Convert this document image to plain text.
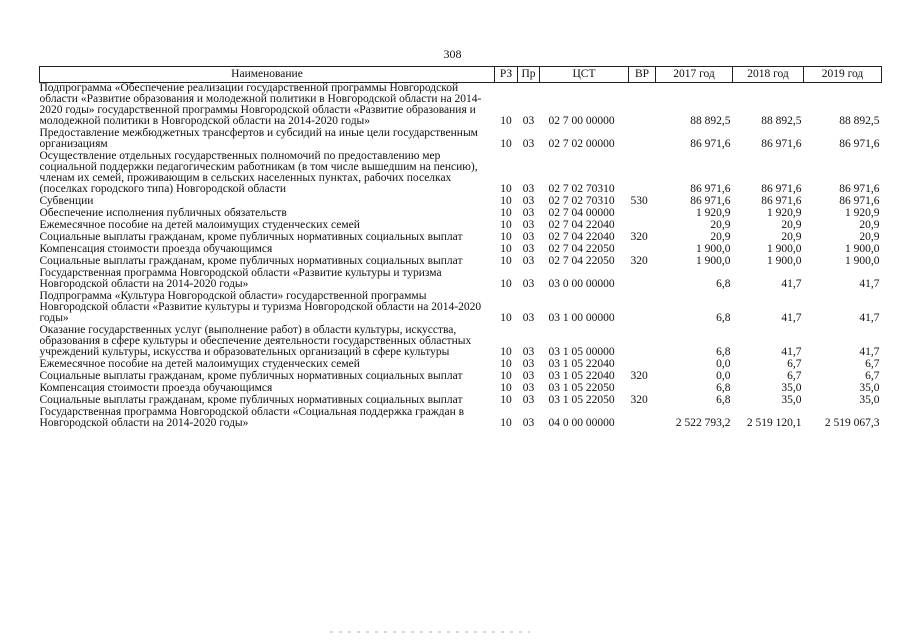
308
Наименование	РЗ	Пр	ЦСТ	ВР	2017 год	2018 год	2019 год
Подпрограмма «Обеспечение реализации государственной программы Новгородской области «Развитие образования и молодежной политики в Новгородской области на 2014-2020 годы» государственной программы Новгородской области «Развитие образования и молодежной политики в Новгородской области на 2014-2020 годы»	10	03	02 7 00 00000		88 892,5	88 892,5	88 892,5
Предоставление межбюджетных трансфертов и субсидий на иные цели государственным организациям	10	03	02 7 02 00000		86 971,6	86 971,6	86 971,6
Осуществление отдельных государственных полномочий по предоставлению мер социальной поддержки педагогическим работникам (в том числе вышедшим на пенсию), членам их семей, проживающим в сельских населенных пунктах, рабочих поселках (поселках городского типа) Новгородской области	10	03	02 7 02 70310		86 971,6	86 971,6	86 971,6
Субвенции	10	03	02 7 02 70310	530	86 971,6	86 971,6	86 971,6
Обеспечение исполнения публичных обязательств	10	03	02 7 04 00000		1 920,9	1 920,9	1 920,9
Ежемесячное пособие на детей малоимущих студенческих семей	10	03	02 7 04 22040		20,9	20,9	20,9
Социальные выплаты гражданам, кроме публичных нормативных социальных выплат	10	03	02 7 04 22040	320	20,9	20,9	20,9
Компенсация стоимости проезда обучающимся	10	03	02 7 04 22050		1 900,0	1 900,0	1 900,0
Социальные выплаты гражданам, кроме публичных нормативных социальных выплат	10	03	02 7 04 22050	320	1 900,0	1 900,0	1 900,0
Государственная программа Новгородской области «Развитие культуры и туризма Новгородской области на 2014-2020 годы»	10	03	03 0 00 00000		6,8	41,7	41,7
Подпрограмма «Культура Новгородской области» государственной программы Новгородской области «Развитие культуры и туризма Новгородской области на 2014-2020 годы»	10	03	03 1 00 00000		6,8	41,7	41,7
Оказание государственных услуг (выполнение работ) в области культуры, искусства, образования в сфере культуры и обеспечение деятельности государственных областных учреждений культуры, искусства и образовательных организаций в сфере культуры	10	03	03 1 05 00000		6,8	41,7	41,7
Ежемесячное пособие на детей малоимущих студенческих семей	10	03	03 1 05 22040		0,0	6,7	6,7
Социальные выплаты гражданам, кроме публичных нормативных социальных выплат	10	03	03 1 05 22040	320	0,0	6,7	6,7
Компенсация стоимости проезда обучающимся	10	03	03 1 05 22050		6,8	35,0	35,0
Социальные выплаты гражданам, кроме публичных нормативных социальных выплат	10	03	03 1 05 22050	320	6,8	35,0	35,0
Государственная программа Новгородской области «Социальная поддержка граждан в Новгородской области на 2014-2020 годы»	10	03	04 0 00 00000		2 522 793,2	2 519 120,1	2 519 067,3
